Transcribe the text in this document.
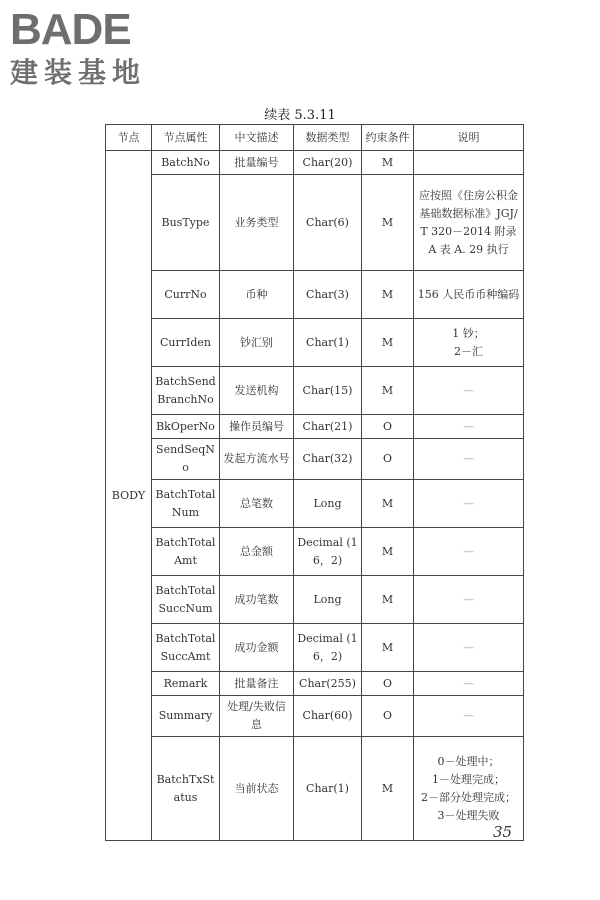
BADE
建装基地
续表 5.3.11
节点	节点属性	中文描述	数据类型	约束条件	说明
BODY	BatchNo	批量编号	Char(20)	M	
	BusType	业务类型	Char(6)	M	应按照《住房公积金基础数据标准》JGJ/T 320－2014 附录 A 表 A. 29 执行
	CurrNo	币种	Char(3)	M	156 人民币币种编码
	CurrIden	钞汇别	Char(1)	M	1 钞；
2－汇
	BatchSendBranchNo	发送机构	Char(15)	M	—
	BkOperNo	操作员编号	Char(21)	O	—
	SendSeqNo	发起方流水号	Char(32)	O	—
	BatchTotalNum	总笔数	Long	M	—
	BatchTotalAmt	总金额	Decimal (16，2)	M	—
	BatchTotalSuccNum	成功笔数	Long	M	—
	BatchTotalSuccAmt	成功金额	Decimal (16，2)	M	—
	Remark	批量备注	Char(255)	O	—
	Summary	处理/失败信息	Char(60)	O	—
	BatchTxStatus	当前状态	Char(1)	M	0－处理中；
1－处理完成；
2－部分处理完成；
3－处理失败
35
